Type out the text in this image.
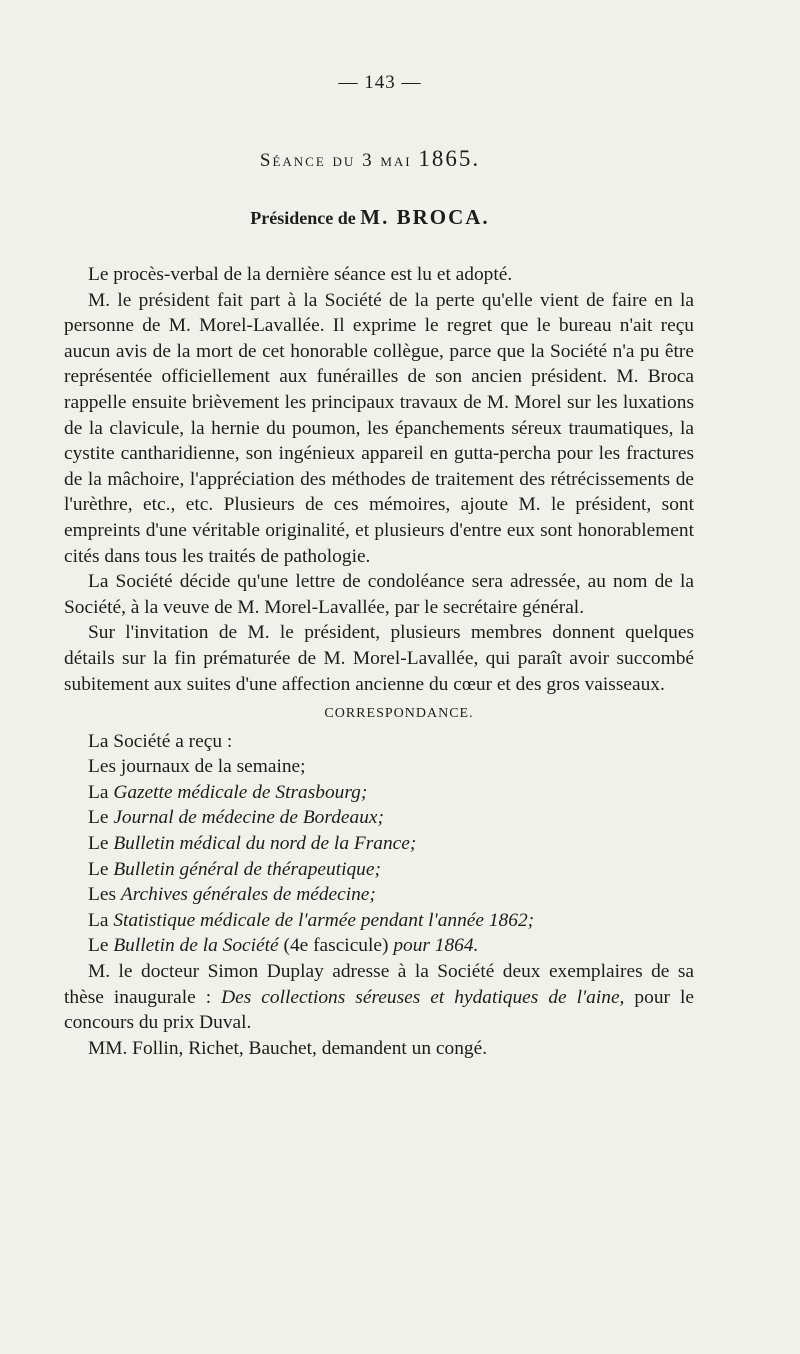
— 143 —
Séance du 3 mai 1865.
Présidence de M. BROCA.

Le procès-verbal de la dernière séance est lu et adopté.

M. le président fait part à la Société de la perte qu'elle vient de faire en la personne de M. Morel-Lavallée. Il exprime le regret que le bureau n'ait reçu aucun avis de la mort de cet honorable collègue, parce que la Société n'a pu être représentée officiellement aux funérailles de son ancien président. M. Broca rappelle ensuite brièvement les principaux travaux de M. Morel sur les luxations de la clavicule, la hernie du poumon, les épanchements séreux traumatiques, la cystite cantharidienne, son ingénieux appareil en gutta-percha pour les fractures de la mâchoire, l'appréciation des méthodes de traitement des rétrécissements de l'urèthre, etc., etc. Plusieurs de ces mémoires, ajoute M. le président, sont empreints d'une véritable originalité, et plusieurs d'entre eux sont honorablement cités dans tous les traités de pathologie.

La Société décide qu'une lettre de condoléance sera adressée, au nom de la Société, à la veuve de M. Morel-Lavallée, par le secrétaire général.

Sur l'invitation de M. le président, plusieurs membres donnent quelques détails sur la fin prématurée de M. Morel-Lavallée, qui paraît avoir succombé subitement aux suites d'une affection ancienne du cœur et des gros vaisseaux.

CORRESPONDANCE.
La Société a reçu :
Les journaux de la semaine;
La Gazette médicale de Strasbourg;
Le Journal de médecine de Bordeaux;
Le Bulletin médical du nord de la France;
Le Bulletin général de thérapeutique;
Les Archives générales de médecine;
La Statistique médicale de l'armée pendant l'année 1862;
Le Bulletin de la Société (4e fascicule) pour 1864.

M. le docteur Simon Duplay adresse à la Société deux exemplaires de sa thèse inaugurale : Des collections séreuses et hydatiques de l'aine, pour le concours du prix Duval.

MM. Follin, Richet, Bauchet, demandent un congé.
